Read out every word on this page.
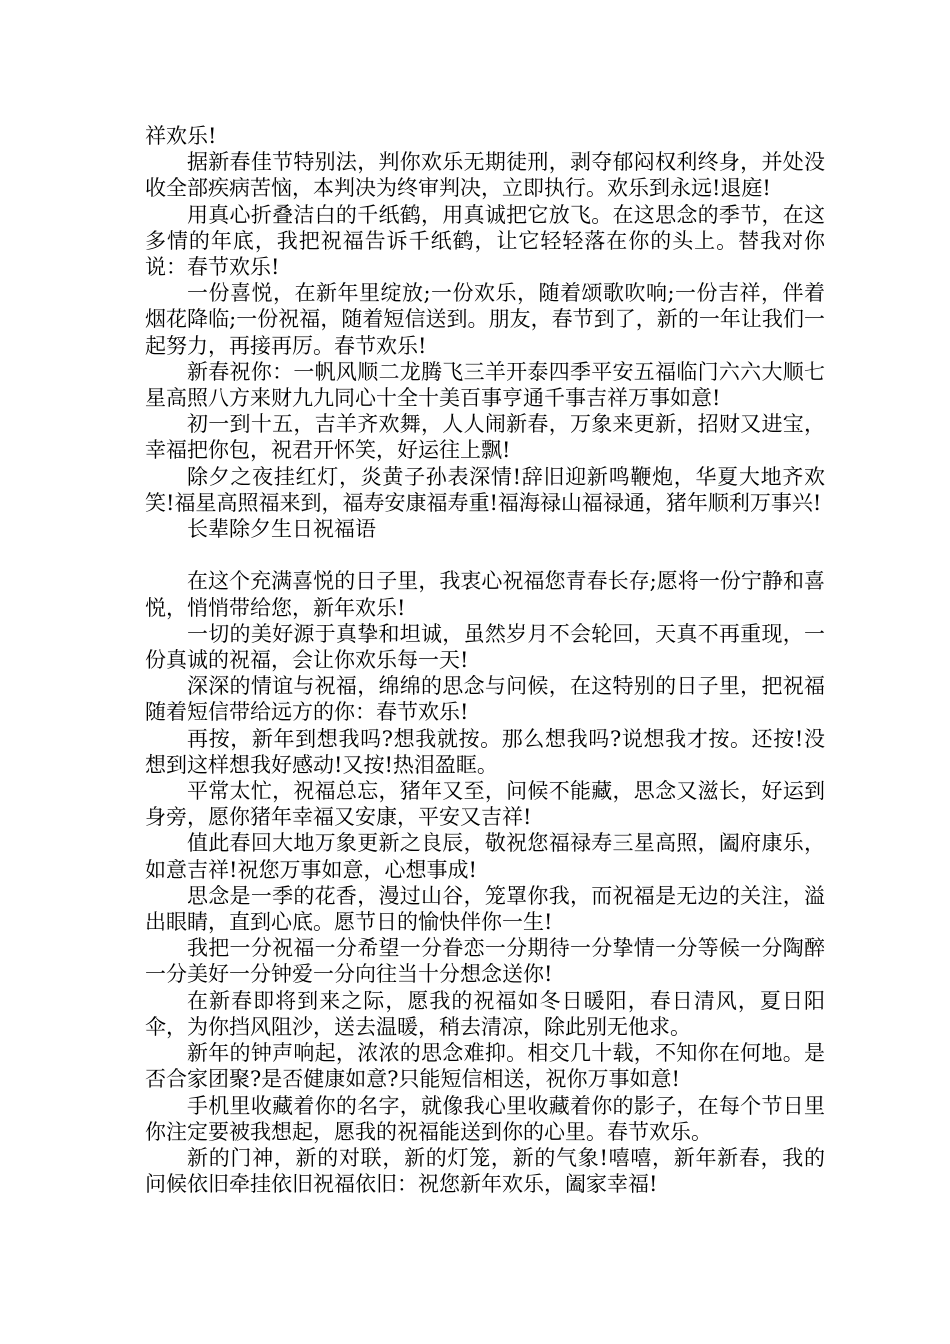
祥欢乐!

据新春佳节特别法，判你欢乐无期徒刑，剥夺郁闷权利终身，并处没收全部疾病苦恼，本判决为终审判决，立即执行。欢乐到永远!退庭!

用真心折叠洁白的千纸鹤，用真诚把它放飞。在这思念的季节，在这多情的年底，我把祝福告诉千纸鹤，让它轻轻落在你的头上。替我对你说：春节欢乐!

一份喜悦，在新年里绽放;一份欢乐，随着颂歌吹响;一份吉祥，伴着烟花降临;一份祝福，随着短信送到。朋友，春节到了，新的一年让我们一起努力，再接再厉。春节欢乐!

新春祝你：一帆风顺二龙腾飞三羊开泰四季平安五福临门六六大顺七星高照八方来财九九同心十全十美百事亨通千事吉祥万事如意!

初一到十五，吉羊齐欢舞，人人闹新春，万象来更新，招财又进宝，幸福把你包，祝君开怀笑，好运往上飘!

除夕之夜挂红灯，炎黄子孙表深情!辞旧迎新鸣鞭炮，华夏大地齐欢笑!福星高照福来到，福寿安康福寿重!福海禄山福禄通，猪年顺利万事兴!

长辈除夕生日祝福语

在这个充满喜悦的日子里，我衷心祝福您青春长存;愿将一份宁静和喜悦，悄悄带给您，新年欢乐!

一切的美好源于真挚和坦诚，虽然岁月不会轮回，天真不再重现，一份真诚的祝福，会让你欢乐每一天!

深深的情谊与祝福，绵绵的思念与问候，在这特别的日子里，把祝福随着短信带给远方的你：春节欢乐!

再按，新年到想我吗?想我就按。那么想我吗?说想我才按。还按!没想到这样想我好感动!又按!热泪盈眶。

平常太忙，祝福总忘，猪年又至，问候不能藏，思念又滋长，好运到身旁，愿你猪年幸福又安康，平安又吉祥!

值此春回大地万象更新之良辰，敬祝您福禄寿三星高照，阖府康乐，如意吉祥!祝您万事如意，心想事成!

思念是一季的花香，漫过山谷，笼罩你我，而祝福是无边的关注，溢出眼睛，直到心底。愿节日的愉快伴你一生!

我把一分祝福一分希望一分眷恋一分期待一分挚情一分等候一分陶醉一分美好一分钟爱一分向往当十分想念送你!

在新春即将到来之际，愿我的祝福如冬日暖阳，春日清风，夏日阳伞，为你挡风阻沙，送去温暖，稍去清凉，除此别无他求。

新年的钟声响起，浓浓的思念难抑。相交几十载，不知你在何地。是否合家团聚?是否健康如意?只能短信相送，祝你万事如意!

手机里收藏着你的名字，就像我心里收藏着你的影子，在每个节日里你注定要被我想起，愿我的祝福能送到你的心里。春节欢乐。

新的门神，新的对联，新的灯笼，新的气象!嘻嘻，新年新春，我的问候依旧牵挂依旧祝福依旧：祝您新年欢乐，阖家幸福!
